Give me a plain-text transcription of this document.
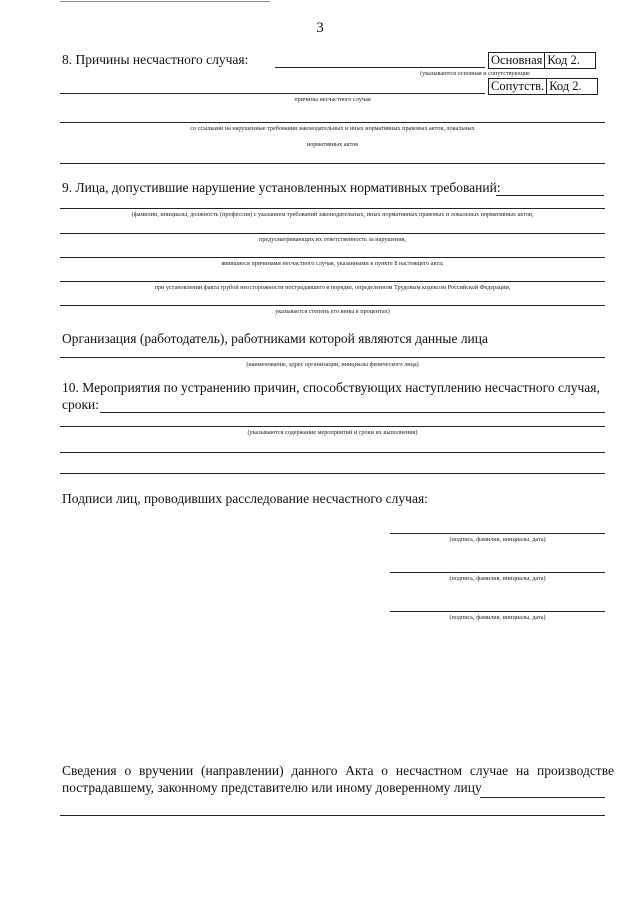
3
8. Причины несчастного случая:	Основная	Код 2.
(указываются основная и сопутствующие
Сопутств.	Код 2.
причины несчастного случая
со ссылками на нарушенные требования законодательных и иных нормативных правовых актов, локальных
нормативных актов
9. Лица, допустившие нарушение установленных нормативных требований:
(фамилии, инициалы, должность (профессия) с указанием требований законодательных, иных нормативных правовых и локальных нормативных актов,
предусматривающих их ответственность за нарушения,
явившиеся причинами несчастного случая, указанными в пункте 8 настоящего акта;
при установлении факта грубой неосторожности пострадавшего в порядке, определенном Трудовым кодексом Российской Федерации,
указывается степень его вины в процентах)
Организация (работодатель), работниками которой являются данные лица
(наименование, адрес организации, инициалы физического лица)
10. Мероприятия по устранению причин, способствующих наступлению несчастного случая,
сроки:
(указываются содержание мероприятий и сроки их выполнения)
Подписи лиц, проводивших расследование несчастного случая:
(подпись, фамилия, инициалы, дата)
(подпись, фамилия, инициалы, дата)
(подпись, фамилия, инициалы, дата)
Сведения о вручении (направлении) данного Акта о несчастном случае на производстве пострадавшему, законному представителю или иному доверенному лицу
